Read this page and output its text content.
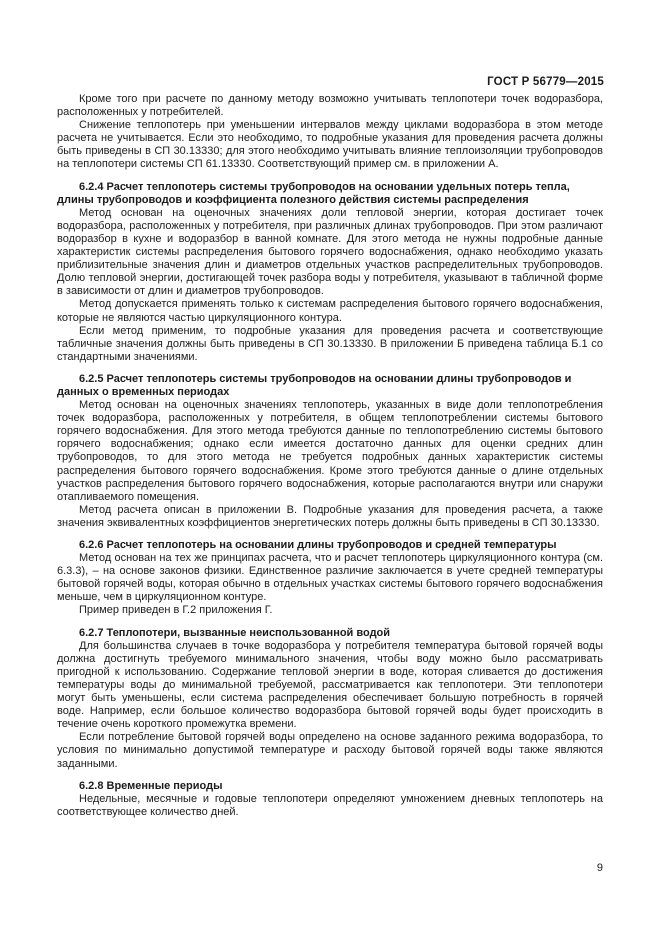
ГОСТ Р 56779—2015

Кроме того при расчете по данному методу возможно учитывать теплопотери точек водоразбора, расположенных у потребителей.

Снижение теплопотерь при уменьшении интервалов между циклами водоразбора в этом методе расчета не учитывается. Если это необходимо, то подробные указания для проведения расчета должны быть приведены в СП 30.13330; для этого необходимо учитывать влияние теплоизоляции трубопроводов на теплопотери системы СП 61.13330. Соответствующий пример см. в приложении А.

6.2.4 Расчет теплопотерь системы трубопроводов на основании удельных потерь тепла, длины трубопроводов и коэффициента полезного действия системы распределения

Метод основан на оценочных значениях доли тепловой энергии, которая достигает точек водоразбора, расположенных у потребителя, при различных длинах трубопроводов. При этом различают водоразбор в кухне и водоразбор в ванной комнате. Для этого метода не нужны подробные данные характеристик системы распределения бытового горячего водоснабжения, однако необходимо указать приблизительные значения длин и диаметров отдельных участков распределительных трубопроводов. Долю тепловой энергии, достигающей точек разбора воды у потребителя, указывают в табличной форме в зависимости от длин и диаметров трубопроводов.

Метод допускается применять только к системам распределения бытового горячего водоснабжения, которые не являются частью циркуляционного контура.

Если метод применим, то подробные указания для проведения расчета и соответствующие табличные значения должны быть приведены в СП 30.13330. В приложении Б приведена таблица Б.1 со стандартными значениями.

6.2.5 Расчет теплопотерь системы трубопроводов на основании длины трубопроводов и данных о временных периодах

Метод основан на оценочных значениях теплопотерь, указанных в виде доли теплопотребления точек водоразбора, расположенных у потребителя, в общем теплопотреблении системы бытового горячего водоснабжения. Для этого метода требуются данные по теплопотреблению системы бытового горячего водоснабжения; однако если имеется достаточно данных для оценки средних длин трубопроводов, то для этого метода не требуется подробных данных характеристик системы распределения бытового горячего водоснабжения. Кроме этого требуются данные о длине отдельных участков распределения бытового горячего водоснабжения, которые располагаются внутри или снаружи отапливаемого помещения.

Метод расчета описан в приложении В. Подробные указания для проведения расчета, а также значения эквивалентных коэффициентов энергетических потерь должны быть приведены в СП 30.13330.

6.2.6 Расчет теплопотерь на основании длины трубопроводов и средней температуры

Метод основан на тех же принципах расчета, что и расчет теплопотерь циркуляционного контура (см. 6.3.3), – на основе законов физики. Единственное различие заключается в учете средней температуры бытовой горячей воды, которая обычно в отдельных участках системы бытового горячего водоснабжения меньше, чем в циркуляционном контуре.

Пример приведен в Г.2 приложения Г.

6.2.7 Теплопотери, вызванные неиспользованной водой

Для большинства случаев в точке водоразбора у потребителя температура бытовой горячей воды должна достигнуть требуемого минимального значения, чтобы воду можно было рассматривать пригодной к использованию. Содержание тепловой энергии в воде, которая сливается до достижения температуры воды до минимальной требуемой, рассматривается как теплопотери. Эти теплопотери могут быть уменьшены, если система распределения обеспечивает большую потребность в горячей воде. Например, если большое количество водоразбора бытовой горячей воды будет происходить в течение очень короткого промежутка времени.

Если потребление бытовой горячей воды определено на основе заданного режима водоразбора, то условия по минимально допустимой температуре и расходу бытовой горячей воды также являются заданными.

6.2.8 Временные периоды

Недельные, месячные и годовые теплопотери определяют умножением дневных теплопотерь на соответствующее количество дней.

9
